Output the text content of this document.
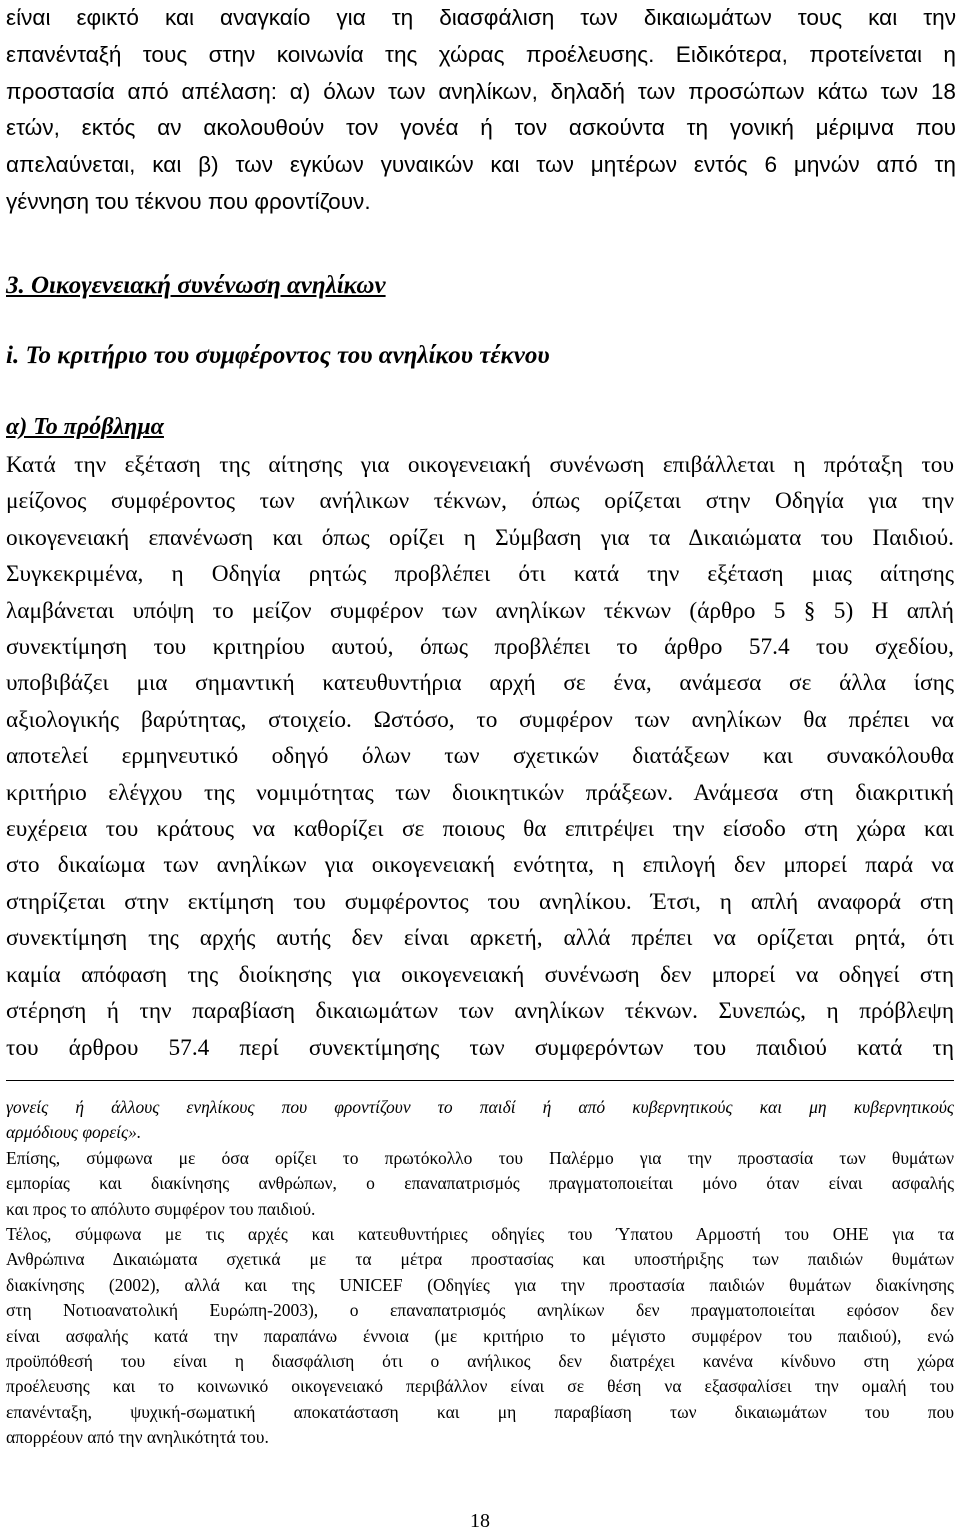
είναι εφικτό και αναγκαίο για τη διασφάλιση των δικαιωμάτων τους και την
επανένταξή τους στην κοινωνία της χώρας προέλευσης. Ειδικότερα, προτείνεται η
προστασία από απέλαση: α) όλων των ανηλίκων, δηλαδή των προσώπων κάτω των 18
ετών, εκτός αν ακολουθούν τον γονέα ή τον ασκούντα τη γονική μέριμνα που
απελαύνεται, και β) των εγκύων γυναικών και των μητέρων εντός 6 μηνών από τη
γέννηση του τέκνου που φροντίζουν.
3. Οικογενειακή συνένωση ανηλίκων
i. Το κριτήριο του συμφέροντος του ανηλίκου τέκνου
α) Το πρόβλημα
Κατά την εξέταση της αίτησης για οικογενειακή συνένωση επιβάλλεται η πρόταξη του
μείζονος συμφέροντος των ανήλικων τέκνων, όπως ορίζεται στην Οδηγία για την
οικογενειακή επανένωση και όπως ορίζει η Σύμβαση για τα Δικαιώματα του Παιδιού.
Συγκεκριμένα, η Οδηγία ρητώς προβλέπει ότι κατά την εξέταση μιας αίτησης
λαμβάνεται υπόψη το μείζον συμφέρον των ανηλίκων τέκνων (άρθρο 5 § 5) Η απλή
συνεκτίμηση του κριτηρίου αυτού, όπως προβλέπει το άρθρο 57.4 του σχεδίου,
υποβιβάζει μια σημαντική κατευθυντήρια αρχή σε ένα, ανάμεσα σε άλλα ίσης
αξιολογικής βαρύτητας, στοιχείο. Ωστόσο, το συμφέρον των ανηλίκων θα πρέπει να
αποτελεί ερμηνευτικό οδηγό όλων των σχετικών διατάξεων και συνακόλουθα
κριτήριο ελέγχου της νομιμότητας των διοικητικών πράξεων. Ανάμεσα στη διακριτική
ευχέρεια του κράτους να καθορίζει σε ποιους θα επιτρέψει την είσοδο στη χώρα και
στο δικαίωμα των ανηλίκων για οικογενειακή ενότητα, η επιλογή δεν μπορεί παρά να
στηρίζεται στην εκτίμηση του συμφέροντος του ανηλίκου. Έτσι, η απλή αναφορά στη
συνεκτίμηση της αρχής αυτής δεν είναι αρκετή, αλλά πρέπει να ορίζεται ρητά, ότι
καμία απόφαση της διοίκησης για οικογενειακή συνένωση δεν μπορεί να οδηγεί στη
στέρηση ή την παραβίαση δικαιωμάτων των ανηλίκων τέκνων. Συνεπώς, η πρόβλεψη
του άρθρου 57.4 περί συνεκτίμησης των συμφερόντων του παιδιού κατά τη
γονείς ή άλλους ενηλίκους που φροντίζουν το παιδί ή από κυβερνητικούς και μη κυβερνητικούς
αρμόδιους φορείς».
Επίσης, σύμφωνα με όσα ορίζει το πρωτόκολλο του Παλέρμο για την προστασία των θυμάτων
εμπορίας και διακίνησης ανθρώπων, ο επαναπατρισμός πραγματοποιείται μόνο όταν είναι ασφαλής
και προς το απόλυτο συμφέρον του παιδιού.
Τέλος, σύμφωνα με τις αρχές και κατευθυντήριες οδηγίες του Ύπατου Αρμοστή του ΟΗΕ για τα
Ανθρώπινα Δικαιώματα σχετικά με τα μέτρα προστασίας και υποστήριξης των παιδιών θυμάτων
διακίνησης (2002), αλλά και της UNICEF (Οδηγίες για την προστασία παιδιών θυμάτων διακίνησης
στη Νοτιοανατολική Ευρώπη-2003), ο επαναπατρισμός ανηλίκων δεν πραγματοποιείται εφόσον δεν
είναι ασφαλής κατά την παραπάνω έννοια (με κριτήριο το μέγιστο συμφέρον του παιδιού), ενώ
προϋπόθεσή του είναι η διασφάλιση ότι ο ανήλικος δεν διατρέχει κανένα κίνδυνο στη χώρα
προέλευσης και το κοινωνικό οικογενειακό περιβάλλον είναι σε θέση να εξασφαλίσει την ομαλή του
επανένταξη, ψυχική-σωματική αποκατάσταση και μη παραβίαση των δικαιωμάτων του που
απορρέουν από την ανηλικότητά του.
18
